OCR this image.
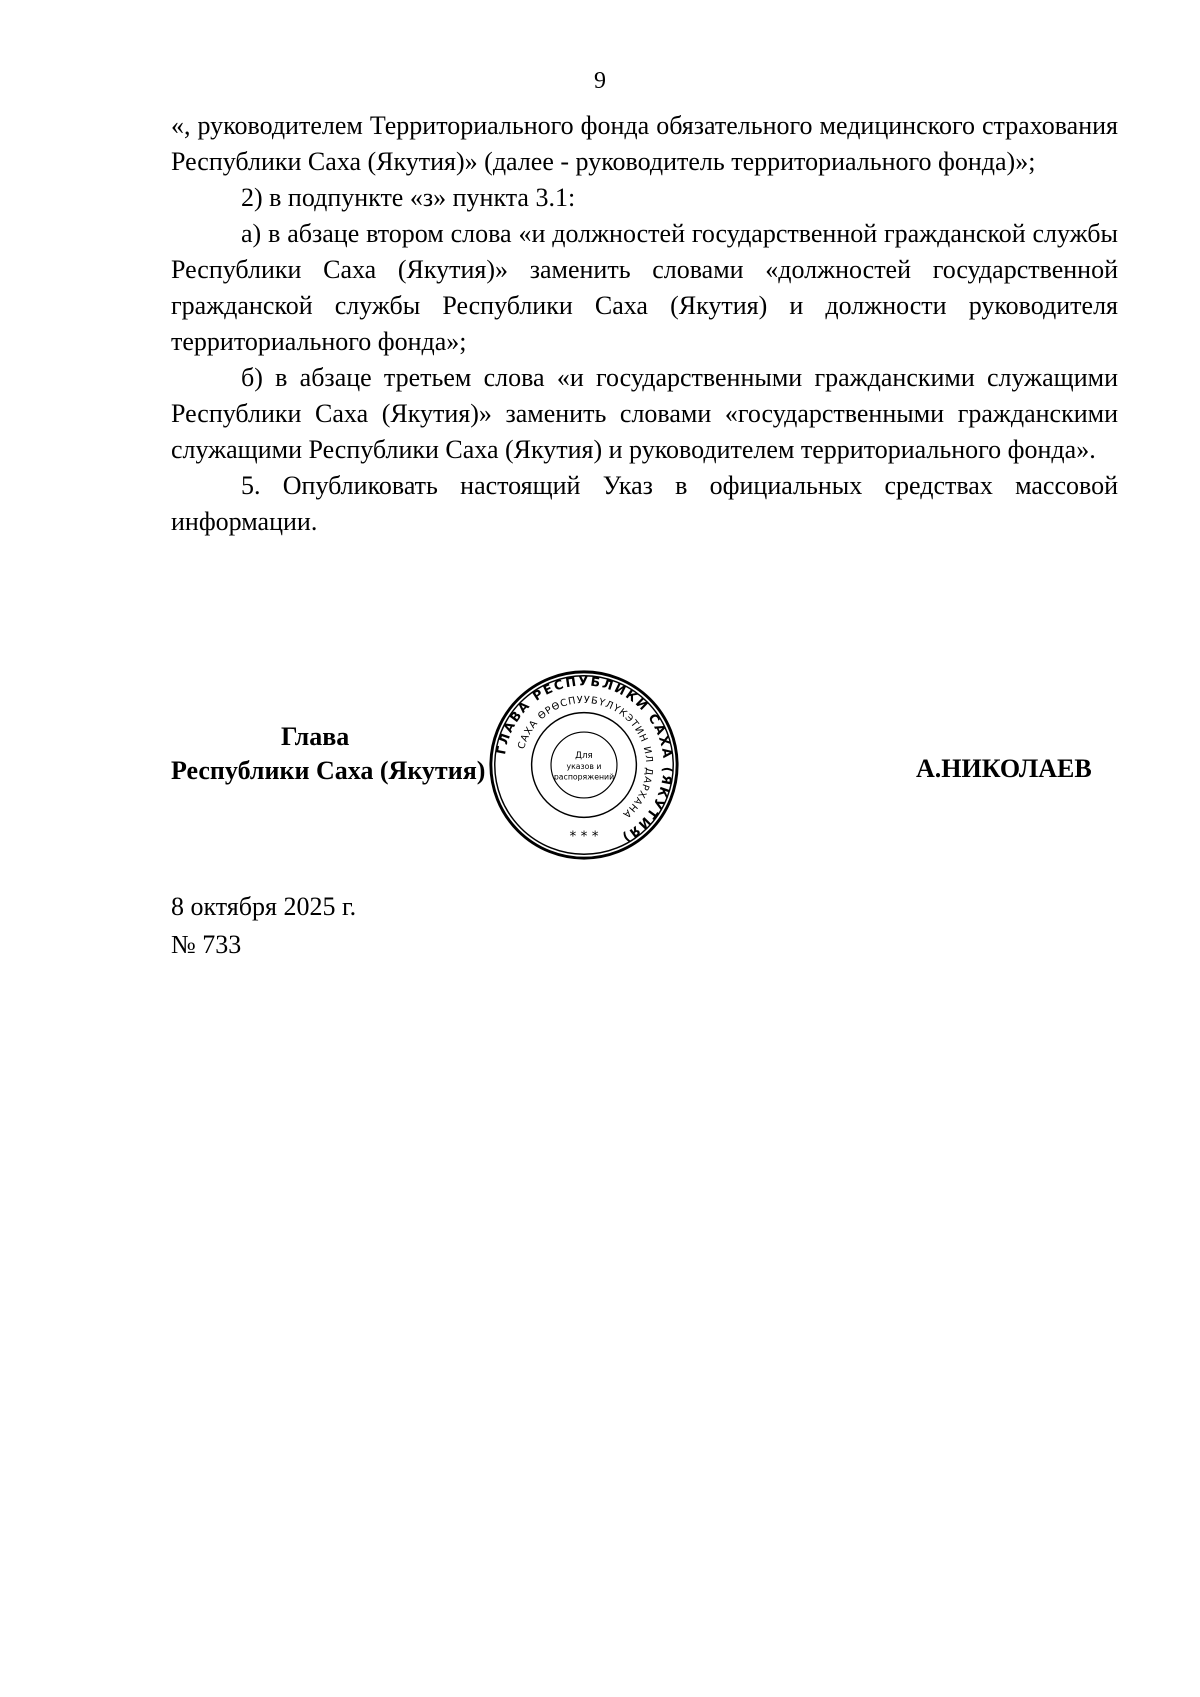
9

«, руководителем Территориального фонда обязательного медицинского страхования Республики Саха (Якутия)» (далее - руководитель территориального фонда)»;

2) в подпункте «з» пункта 3.1:

а) в абзаце втором слова «и должностей государственной гражданской службы Республики Саха (Якутия)» заменить словами «должностей государственной гражданской службы Республики Саха (Якутия) и должности руководителя территориального фонда»;

б) в абзаце третьем слова «и государственными гражданскими служащими Республики Саха (Якутия)» заменить словами «государственными гражданскими служащими Республики Саха (Якутия) и руководителем территориального фонда».

5. Опубликовать настоящий Указ в официальных средствах массовой информации.

Глава
Республики Саха (Якутия)
ГЛАВА РЕСПУБЛИКИ САХА (ЯКУТИЯ)
САХА ӨРӨСПУУБҮЛҮКЭТИН ИЛ ДАРХАНА
Для
указов и
распоряжений
* * *
А.НИКОЛАЕВ
8 октября 2025 г.
№ 733
